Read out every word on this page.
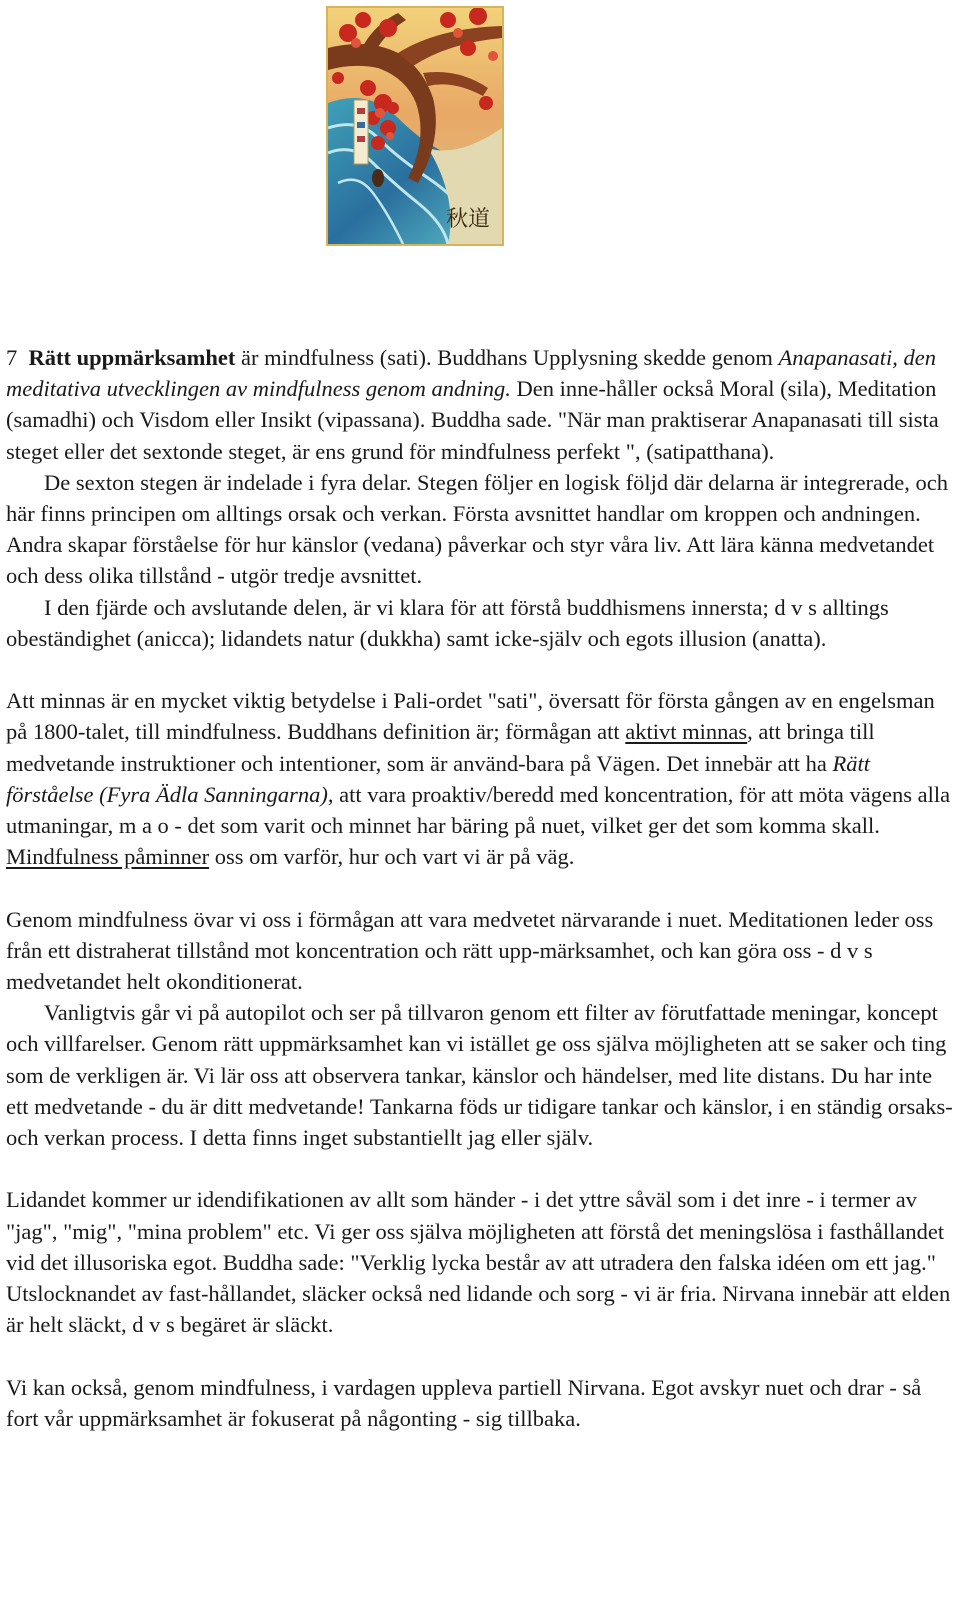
秋道

7 Rätt uppmärksamhet är mindfulness (sati). Buddhans Upplysning skedde genom Anapanasati, den meditativa utvecklingen av mindfulness genom andning. Den inne-håller också Moral (sila), Meditation (samadhi) och Visdom eller Insikt (vipassana). Buddha sade. "När man praktiserar Anapanasati till sista steget eller det sextonde steget, är ens grund för mindfulness perfekt ", (satipatthana).

De sexton stegen är indelade i fyra delar. Stegen följer en logisk följd där delarna är integrerade, och här finns principen om alltings orsak och verkan. Första avsnittet handlar om kroppen och andningen. Andra skapar förståelse för hur känslor (vedana) påverkar och styr våra liv. Att lära känna medvetandet och dess olika tillstånd - utgör tredje avsnittet.

I den fjärde och avslutande delen, är vi klara för att förstå buddhismens innersta; d v s alltings obeständighet (anicca); lidandets natur (dukkha) samt icke-själv och egots illusion (anatta).

Att minnas är en mycket viktig betydelse i Pali-ordet "sati", översatt för första gången av en engelsman på 1800-talet, till mindfulness. Buddhans definition är; förmågan att aktivt minnas, att bringa till medvetande instruktioner och intentioner, som är använd-bara på Vägen. Det innebär att ha Rätt förståelse (Fyra Ädla Sanningarna), att vara proaktiv/beredd med koncentration, för att möta vägens alla utmaningar, m a o - det som varit och minnet har bäring på nuet, vilket ger det som komma skall. Mindfulness påminner oss om varför, hur och vart vi är på väg.

Genom mindfulness övar vi oss i förmågan att vara medvetet närvarande i nuet. Meditationen leder oss från ett distraherat tillstånd mot koncentration och rätt upp-märksamhet, och kan göra oss - d v s medvetandet helt okonditionerat.

Vanligtvis går vi på autopilot och ser på tillvaron genom ett filter av förutfattade meningar, koncept och villfarelser. Genom rätt uppmärksamhet kan vi istället ge oss själva möjligheten att se saker och ting som de verkligen är. Vi lär oss att observera tankar, känslor och händelser, med lite distans. Du har inte ett medvetande - du är ditt medvetande! Tankarna föds ur tidigare tankar och känslor, i en ständig orsaks- och verkan process. I detta finns inget substantiellt jag eller själv.

Lidandet kommer ur idendifikationen av allt som händer - i det yttre såväl som i det inre - i termer av "jag", "mig", "mina problem" etc. Vi ger oss själva möjligheten att förstå det meningslösa i fasthållandet vid det illusoriska egot. Buddha sade: "Verklig lycka består av att utradera den falska idéen om ett jag." Utslocknandet av fast-hållandet, släcker också ned lidande och sorg - vi är fria. Nirvana innebär att elden är helt släckt, d v s begäret är släckt.

Vi kan också, genom mindfulness, i vardagen uppleva partiell Nirvana. Egot avskyr nuet och drar - så fort vår uppmärksamhet är fokuserat på någonting - sig tillbaka.
